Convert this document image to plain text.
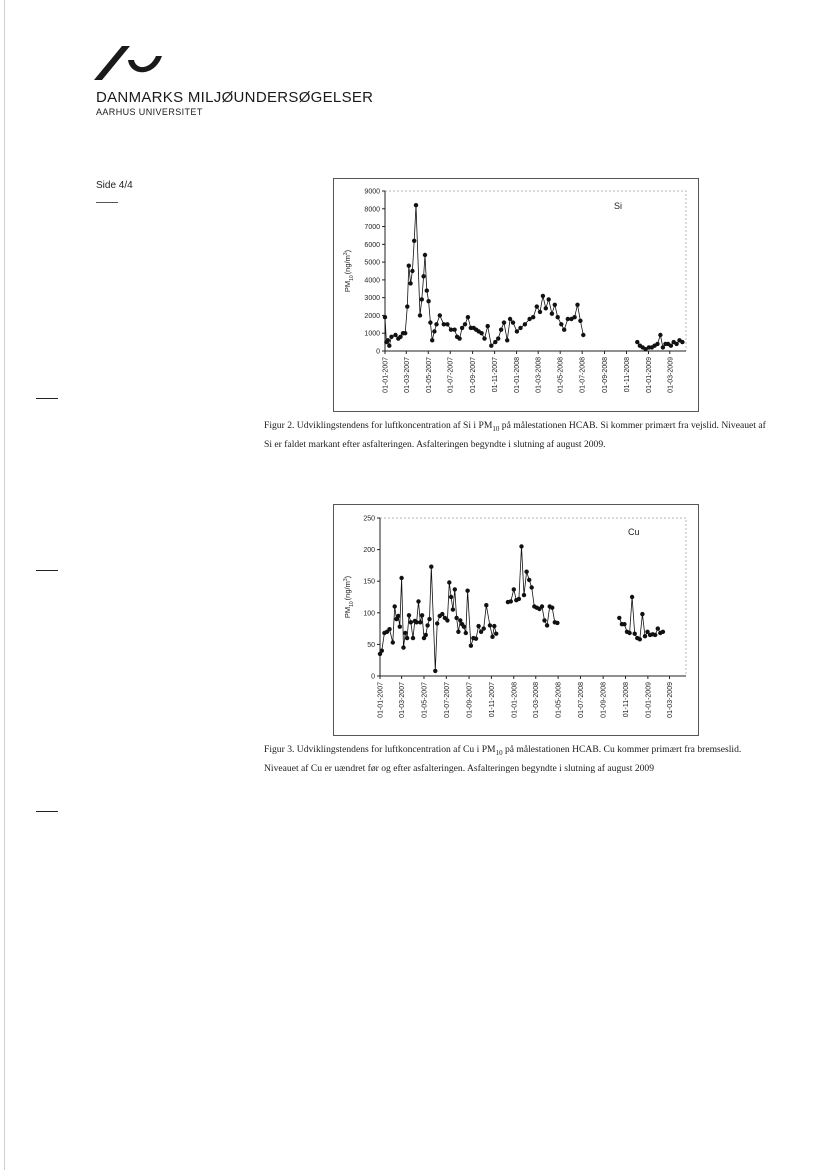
DANMARKS MILJØUNDERSØGELSER
AARHUS UNIVERSITET
Side 4/4
0
1000
2000
3000
4000
5000
6000
7000
8000
9000
01-01-2007 01-03-2007 01-05-2007 01-07-2007 01-09-2007 01-11-2007 01-01-2008 01-03-2008 01-05-2008 01-07-2008 01-09-2008 01-11-2008 01-01-2009 01-03-2009
$PM_{10}(ng/m^3)$
Si
Figur 2. Udviklingstendens for luftkoncentration af Si i $PM_{10}$ på målestationen HCAB. Si kommer primært fra vejslid. Niveauet af Si er faldet markant efter asfalteringen. Asfalteringen begyndte i slutning af august 2009.
0
50
100
150
200
250
01-01-2007 01-03-2007 01-05-2007 01-07-2007 01-09-2007 01-11-2007 01-01-2008 01-03-2008 01-05-2008 01-07-2008 01-09-2008 01-11-2008 01-01-2009 01-03-2009
$PM_{10}(ng/m^3)$
Cu
Figur 3. Udviklingstendens for luftkoncentration af Cu i $PM_{10}$ på målestationen HCAB. Cu kommer primært fra bremseslid. Niveauet af Cu er uændret før og efter asfalteringen. Asfalteringen begyndte i slutning af august 2009
